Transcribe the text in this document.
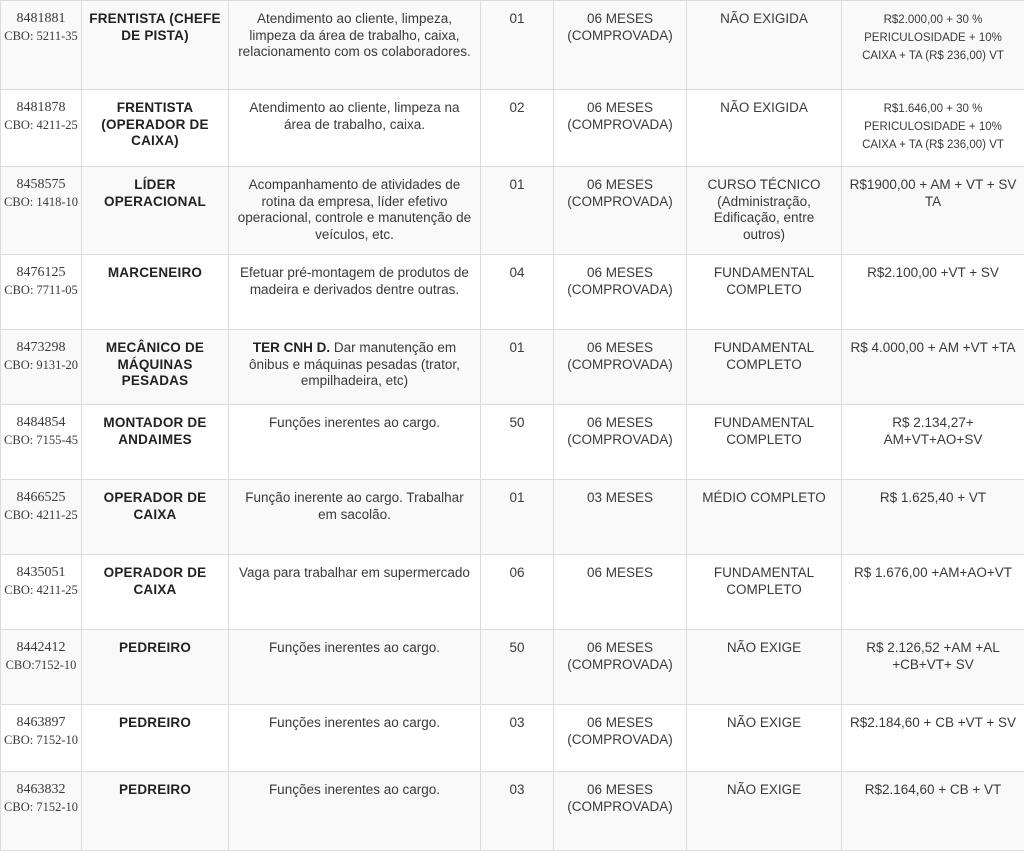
8481881
CBO: 5211-35	FRENTISTA (CHEFE DE PISTA)	Atendimento ao cliente, limpeza, limpeza da área de trabalho, caixa, relacionamento com os colaboradores.	01	06 MESES (COMPROVADA)	NÃO EXIGIDA	R$2.000,00 + 30 % PERICULOSIDADE + 10% CAIXA + TA (R$ 236,00) VT

8481878
CBO: 4211-25	FRENTISTA (OPERADOR DE CAIXA)	Atendimento ao cliente, limpeza na área de trabalho, caixa.	02	06 MESES (COMPROVADA)	NÃO EXIGIDA	R$1.646,00 + 30 % PERICULOSIDADE + 10% CAIXA + TA (R$ 236,00) VT

8458575
CBO: 1418-10	LÍDER OPERACIONAL	Acompanhamento de atividades de rotina da empresa, líder efetivo operacional, controle e manutenção de veículos, etc.	01	06 MESES (COMPROVADA)	CURSO TÉCNICO (Administração, Edificação, entre outros)	R$1900,00 + AM + VT + SV TA

8476125
CBO: 7711-05	MARCENEIRO	Efetuar pré-montagem de produtos de madeira e derivados dentre outras.	04	06 MESES (COMPROVADA)	FUNDAMENTAL COMPLETO	R$2.100,00 +VT + SV

8473298
CBO: 9131-20	MECÂNICO DE MÁQUINAS PESADAS	TER CNH D. Dar manutenção em ônibus e máquinas pesadas (trator, empilhadeira, etc)	01	06 MESES (COMPROVADA)	FUNDAMENTAL COMPLETO	R$ 4.000,00 + AM +VT +TA

8484854
CBO: 7155-45	MONTADOR DE ANDAIMES	Funções inerentes ao cargo.	50	06 MESES (COMPROVADA)	FUNDAMENTAL COMPLETO	R$ 2.134,27+ AM+VT+AO+SV

8466525
CBO: 4211-25	OPERADOR DE CAIXA	Função inerente ao cargo. Trabalhar em sacolão.	01	03 MESES	MÉDIO COMPLETO	R$ 1.625,40 + VT

8435051
CBO: 4211-25	OPERADOR DE CAIXA	Vaga para trabalhar em supermercado	06	06 MESES	FUNDAMENTAL COMPLETO	R$ 1.676,00 +AM+AO+VT

8442412
CBO:7152-10	PEDREIRO	Funções inerentes ao cargo.	50	06 MESES (COMPROVADA)	NÃO EXIGE	R$ 2.126,52 +AM +AL +CB+VT+ SV

8463897
CBO: 7152-10	PEDREIRO	Funções inerentes ao cargo.	03	06 MESES (COMPROVADA)	NÃO EXIGE	R$2.184,60 + CB +VT + SV

8463832
CBO: 7152-10	PEDREIRO	Funções inerentes ao cargo.	03	06 MESES (COMPROVADA)	NÃO EXIGE	R$2.164,60 + CB + VT
